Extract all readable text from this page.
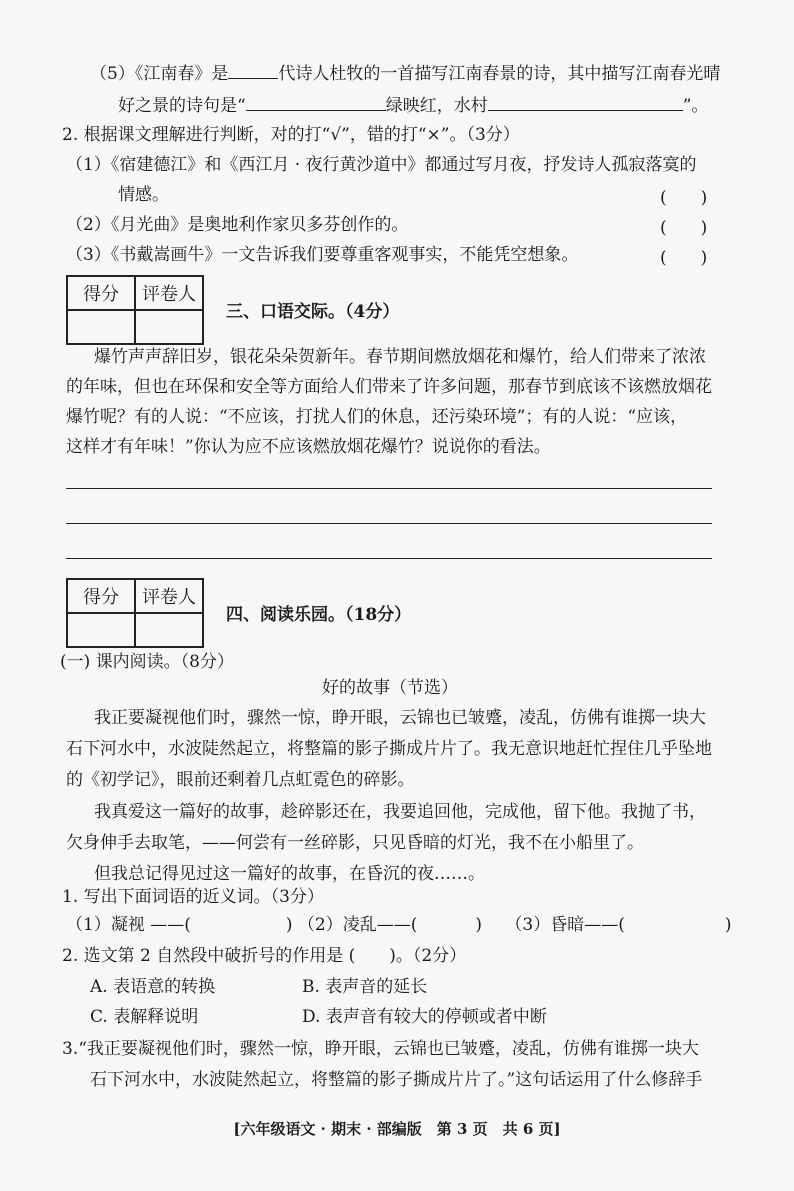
（5）《江南春》是	代诗人杜牧的一首描写江南春景的诗，其中描写江南春光晴
好之景的诗句是“	绿映红，水村	”。
2. 根据课文理解进行判断，对的打“√”，错的打“×”。（3分）
（1）《宿建德江》和《西江月 · 夜行黄沙道中》都通过写月夜，抒发诗人孤寂落寞的
情感。	(　　)
（2）《月光曲》是奥地利作家贝多芬创作的。	(　　)
（3）《书戴嵩画牛》一文告诉我们要尊重客观事实，不能凭空想象。	(　　)
得分	评卷人

三、口语交际。（4分）
爆竹声声辞旧岁，银花朵朵贺新年。春节期间燃放烟花和爆竹，给人们带来了浓浓
的年味，但也在环保和安全等方面给人们带来了许多问题，那春节到底该不该燃放烟花
爆竹呢？有的人说：“不应该，打扰人们的休息，还污染环境”；有的人说：“应该，
这样才有年味！”你认为应不应该燃放烟花爆竹？说说你的看法。
得分	评卷人

四、阅读乐园。（18分）
(一) 课内阅读。（8分）
好的故事（节选）
我正要凝视他们时，骤然一惊，睁开眼，云锦也已皱蹙，凌乱，仿佛有谁掷一块大
石下河水中，水波陡然起立，将整篇的影子撕成片片了。我无意识地赶忙捏住几乎坠地
的《初学记》，眼前还剩着几点虹霓色的碎影。
我真爱这一篇好的故事，趁碎影还在，我要追回他，完成他，留下他。我抛了书，
欠身伸手去取笔，——何尝有一丝碎影，只见昏暗的灯光，我不在小船里了。
但我总记得见过这一篇好的故事，在昏沉的夜……。
1. 写出下面词语的近义词。（3分）
（1）凝视 ——(	) （2）凌乱——(	) （3）昏暗——(	)
2. 选文第 2 自然段中破折号的作用是 (　　)。（2分）
A. 表语意的转换	B. 表声音的延长
C. 表解释说明	D. 表声音有较大的停顿或者中断
3.“我正要凝视他们时，骤然一惊，睁开眼，云锦也已皱蹙，凌乱，仿佛有谁掷一块大
石下河水中，水波陡然起立，将整篇的影子撕成片片了。”这句话运用了什么修辞手
[六年级语文 · 期末 · 部编版　第 3 页　共 6 页]
